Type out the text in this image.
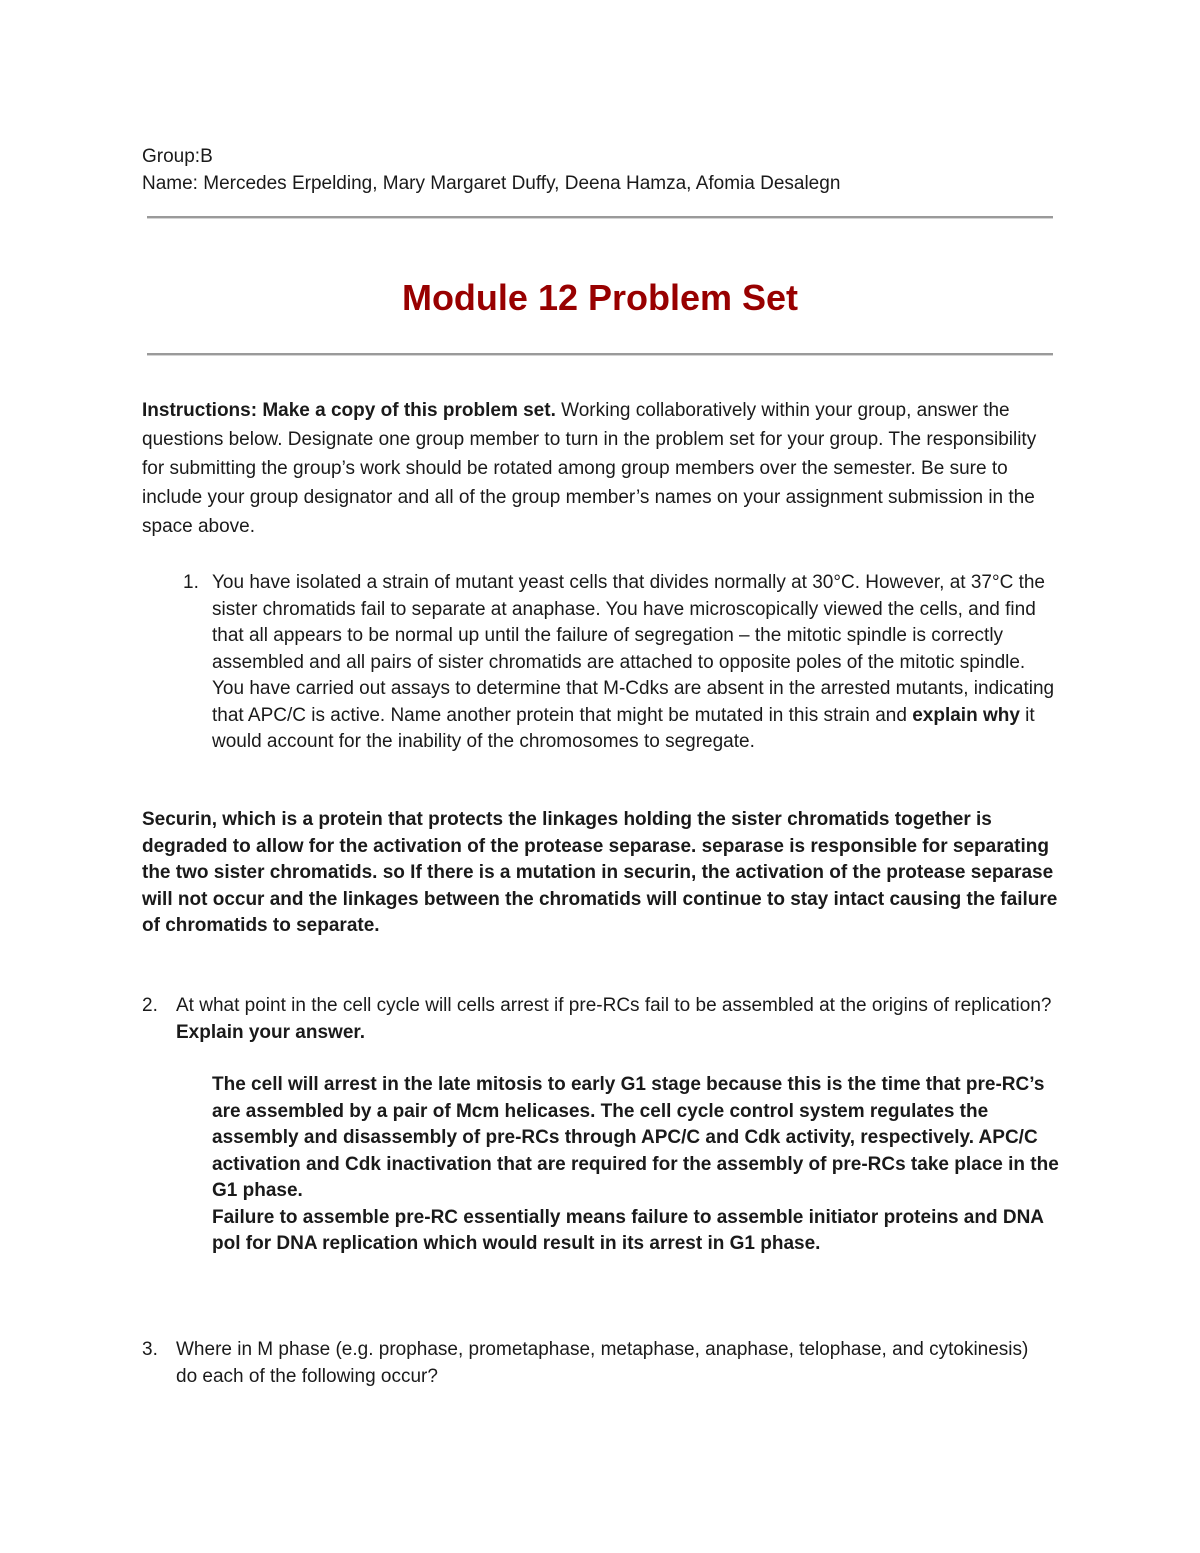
Group:B
Name: Mercedes Erpelding, Mary Margaret Duffy, Deena Hamza, Afomia Desalegn
Module 12 Problem Set
Instructions: Make a copy of this problem set. Working collaboratively within your group, answer the questions below. Designate one group member to turn in the problem set for your group. The responsibility for submitting the group’s work should be rotated among group members over the semester. Be sure to include your group designator and all of the group member’s names on your assignment submission in the space above.
1. You have isolated a strain of mutant yeast cells that divides normally at 30°C. However, at 37°C the sister chromatids fail to separate at anaphase. You have microscopically viewed the cells, and find that all appears to be normal up until the failure of segregation – the mitotic spindle is correctly assembled and all pairs of sister chromatids are attached to opposite poles of the mitotic spindle. You have carried out assays to determine that M-Cdks are absent in the arrested mutants, indicating that APC/C is active. Name another protein that might be mutated in this strain and explain why it would account for the inability of the chromosomes to segregate.
Securin, which is a protein that protects the linkages holding the sister chromatids together is degraded to allow for the activation of the protease separase. separase is responsible for separating the two sister chromatids. so If there is a mutation in securin, the activation of the protease separase will not occur and the linkages between the chromatids will continue to stay intact causing the failure of chromatids to separate.
2. At what point in the cell cycle will cells arrest if pre-RCs fail to be assembled at the origins of replication? Explain your answer.
The cell will arrest in the late mitosis to early G1 stage because this is the time that pre-RC’s are assembled by a pair of Mcm helicases. The cell cycle control system regulates the assembly and disassembly of pre-RCs through APC/C and Cdk activity, respectively. APC/C activation and Cdk inactivation that are required for the assembly of pre-RCs take place in the G1 phase.
Failure to assemble pre-RC essentially means failure to assemble initiator proteins and DNA pol for DNA replication which would result in its arrest in G1 phase.
3. Where in M phase (e.g. prophase, prometaphase, metaphase, anaphase, telophase, and cytokinesis) do each of the following occur?
